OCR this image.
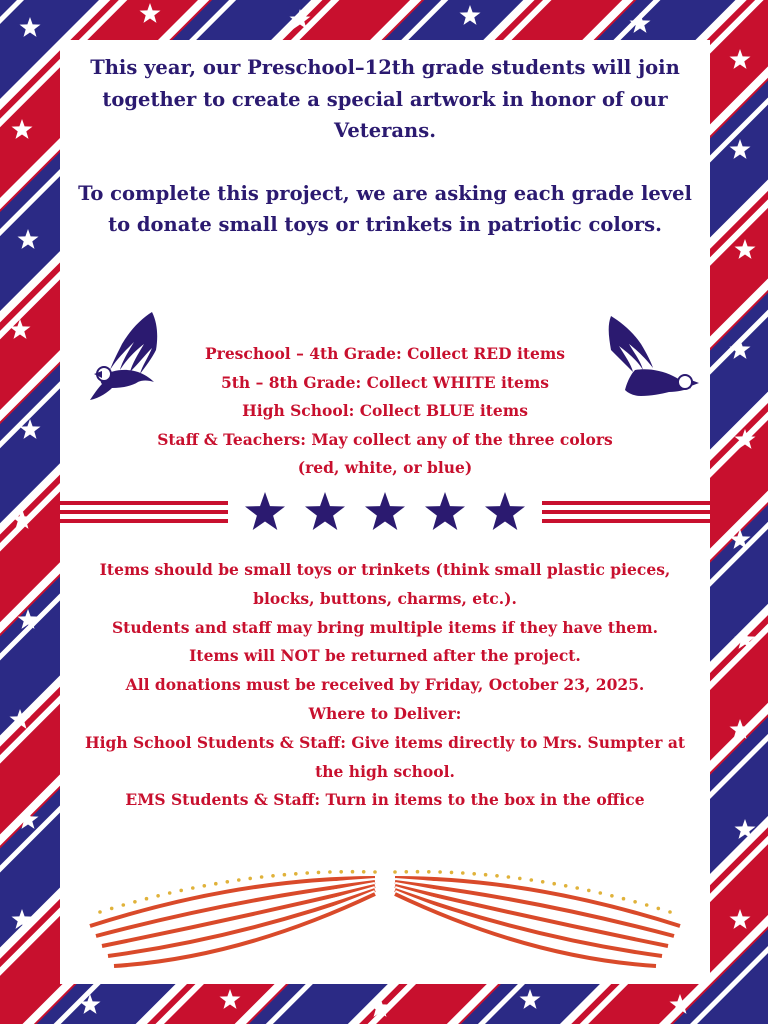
This year, our Preschool–12th grade students will join together to create a special artwork in honor of our Veterans.

To complete this project, we are asking each grade level to donate small toys or trinkets in patriotic colors.

Preschool – 4th Grade: Collect RED items
5th – 8th Grade: Collect WHITE items
High School: Collect BLUE items
Staff & Teachers: May collect any of the three colors
(red, white, or blue)
Items should be small toys or trinkets (think small plastic pieces, blocks, buttons, charms, etc.).
Students and staff may bring multiple items if they have them.
Items will NOT be returned after the project.
All donations must be received by Friday, October 23, 2025.
Where to Deliver:
High School Students & Staff: Give items directly to Mrs. Sumpter at the high school.
EMS Students & Staff: Turn in items to the box in the office
